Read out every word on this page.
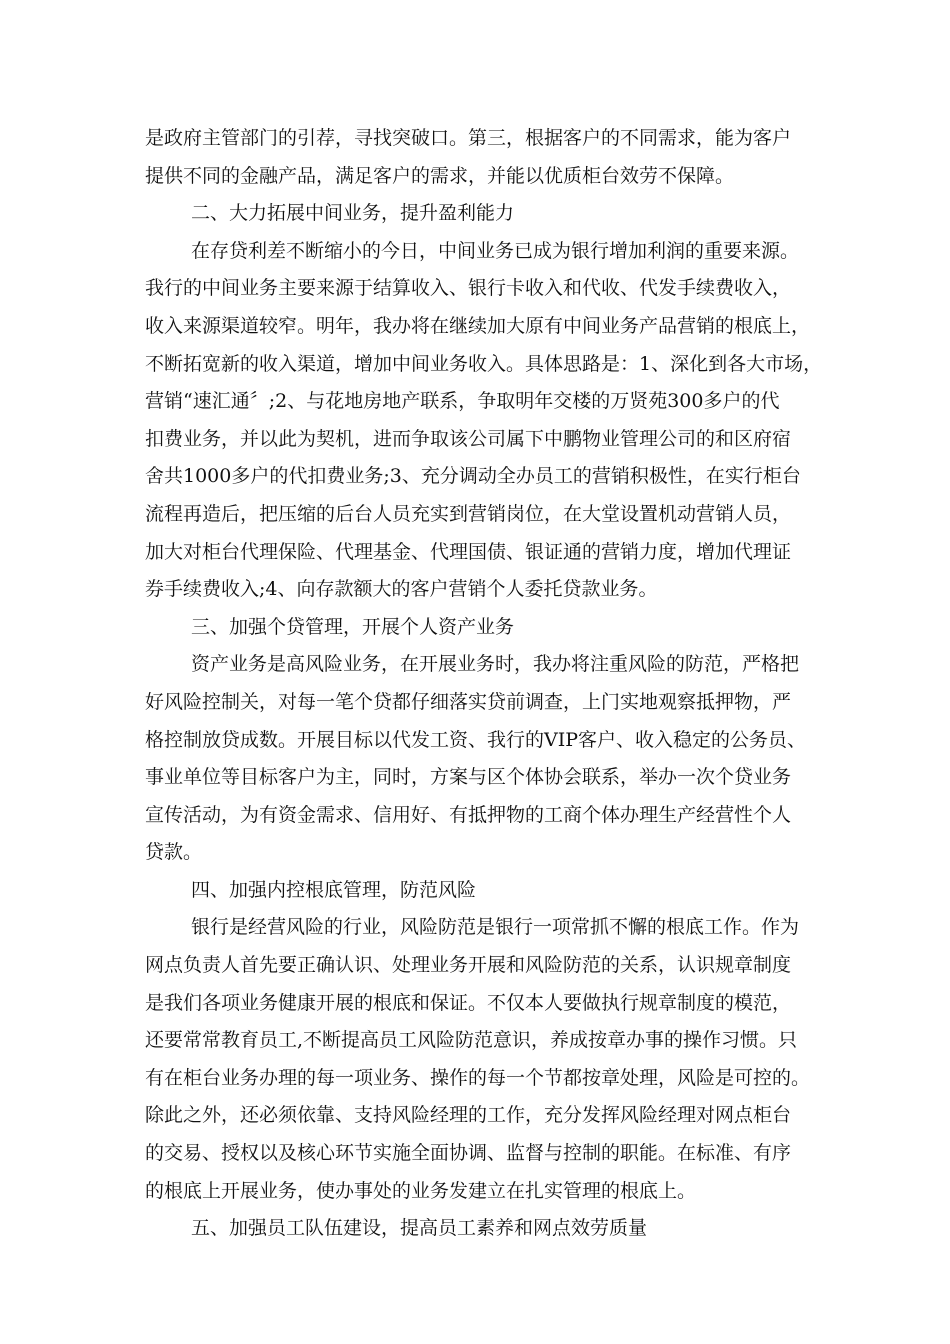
是政府主管部门的引荐，寻找突破口。第三，根据客户的不同需求，能为客户
提供不同的金融产品，满足客户的需求，并能以优质柜台效劳不保障。
二、大力拓展中间业务，提升盈利能力
在存贷利差不断缩小的今日，中间业务已成为银行增加利润的重要来源。
我行的中间业务主要来源于结算收入、银行卡收入和代收、代发手续费收入，
收入来源渠道较窄。明年，我办将在继续加大原有中间业务产品营销的根底上，
不断拓宽新的收入渠道，增加中间业务收入。具体思路是：1、深化到各大市场，
营销“速汇通〞;2、与花地房地产联系，争取明年交楼的万贤苑300多户的代
扣费业务，并以此为契机，进而争取该公司属下中鹏物业管理公司的和区府宿
舍共1000多户的代扣费业务;3、充分调动全办员工的营销积极性，在实行柜台
流程再造后，把压缩的后台人员充实到营销岗位，在大堂设置机动营销人员，
加大对柜台代理保险、代理基金、代理国债、银证通的营销力度，增加代理证
券手续费收入;4、向存款额大的客户营销个人委托贷款业务。
三、加强个贷管理，开展个人资产业务
资产业务是高风险业务，在开展业务时，我办将注重风险的防范，严格把
好风险控制关，对每一笔个贷都仔细落实贷前调查，上门实地观察抵押物，严
格控制放贷成数。开展目标以代发工资、我行的VIP客户、收入稳定的公务员、
事业单位等目标客户为主，同时，方案与区个体协会联系，举办一次个贷业务
宣传活动，为有资金需求、信用好、有抵押物的工商个体办理生产经营性个人
贷款。
四、加强内控根底管理，防范风险
银行是经营风险的行业，风险防范是银行一项常抓不懈的根底工作。作为
网点负责人首先要正确认识、处理业务开展和风险防范的关系，认识规章制度
是我们各项业务健康开展的根底和保证。不仅本人要做执行规章制度的模范，
还要常常教育员工,不断提高员工风险防范意识，养成按章办事的操作习惯。只
有在柜台业务办理的每一项业务、操作的每一个节都按章处理，风险是可控的。
除此之外，还必须依靠、支持风险经理的工作，充分发挥风险经理对网点柜台
的交易、授权以及核心环节实施全面协调、监督与控制的职能。在标准、有序
的根底上开展业务，使办事处的业务发建立在扎实管理的根底上。
五、加强员工队伍建设，提高员工素养和网点效劳质量
